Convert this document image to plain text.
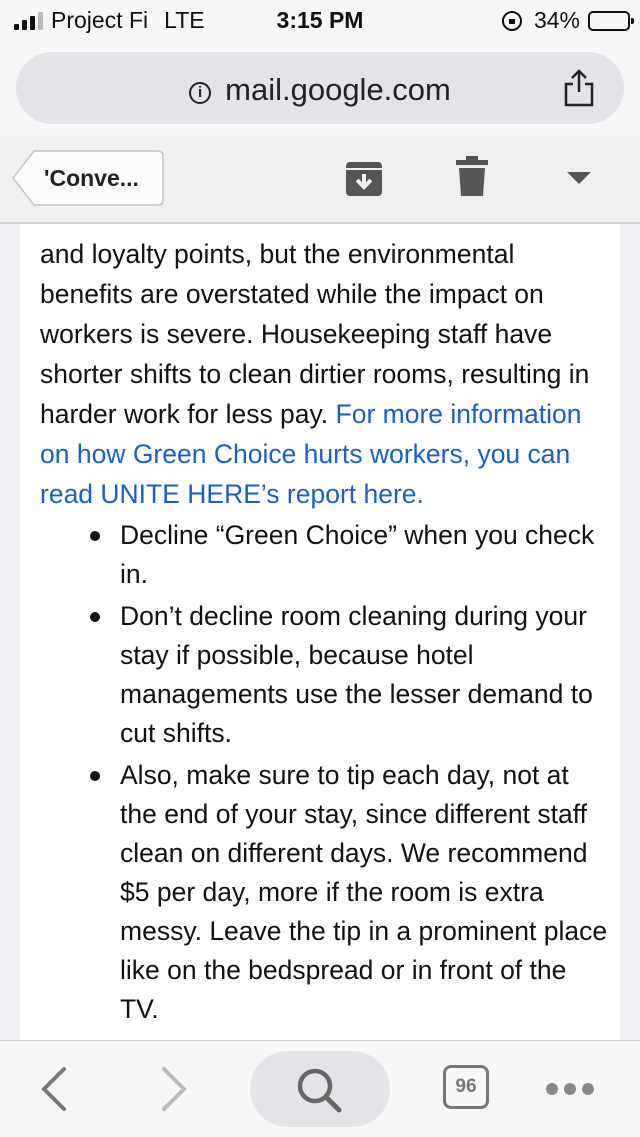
Project Fi LTE	3:15 PM	34%
i mail.google.com
'Conve...

and loyalty points, but the environmental benefits are overstated while the impact on workers is severe. Housekeeping staff have shorter shifts to clean dirtier rooms, resulting in harder work for less pay. For more information on how Green Choice hurts workers, you can read UNITE HERE’s report here.

Decline “Green Choice” when you check in.
Don’t decline room cleaning during your stay if possible, because hotel managements use the lesser demand to cut shifts.
Also, make sure to tip each day, not at the end of your stay, since different staff clean on different days. We recommend $5 per day, more if the room is extra messy. Leave the tip in a prominent place like on the bedspread or in front of the TV.
96
